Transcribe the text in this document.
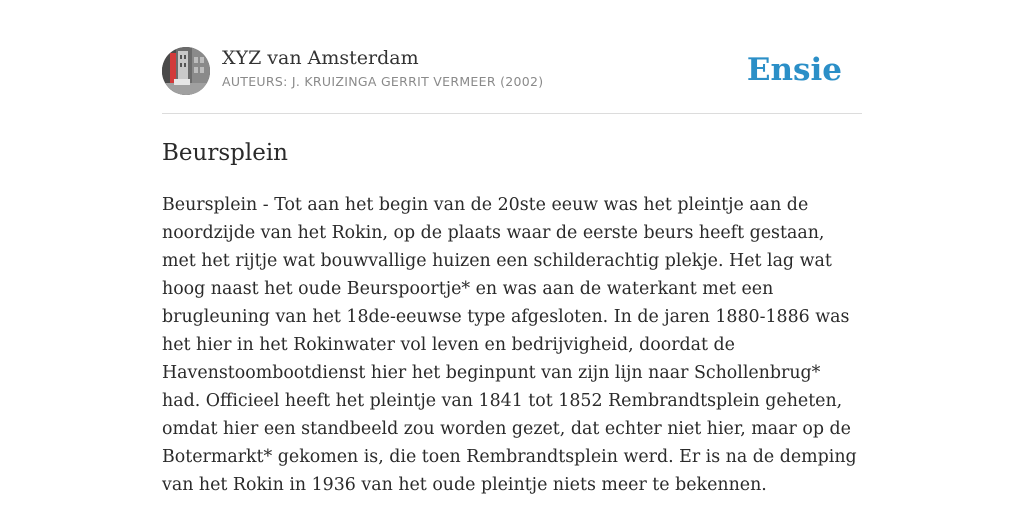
XYZ van Amsterdam
AUTEURS: J. KRUIZINGA GERRIT VERMEER (2002)	Ensie
Beursplein

Beursplein - Tot aan het begin van de 20ste eeuw was het pleintje aan de noordzijde van het Rokin, op de plaats waar de eerste beurs heeft gestaan, met het rijtje wat bouwvallige huizen een schilderachtig plekje. Het lag wat hoog naast het oude Beurspoortje* en was aan de waterkant met een brugleuning van het 18de-eeuwse type afgesloten. In de jaren 1880-1886 was het hier in het Rokinwater vol leven en bedrijvigheid, doordat de Havenstoombootdienst hier het beginpunt van zijn lijn naar Schollenbrug* had. Officieel heeft het pleintje van 1841 tot 1852 Rembrandtsplein geheten, omdat hier een standbeeld zou worden gezet, dat echter niet hier, maar op de Botermarkt* gekomen is, die toen Rembrandtsplein werd. Er is na de demping van het Rokin in 1936 van het oude pleintje niets meer te bekennen.
